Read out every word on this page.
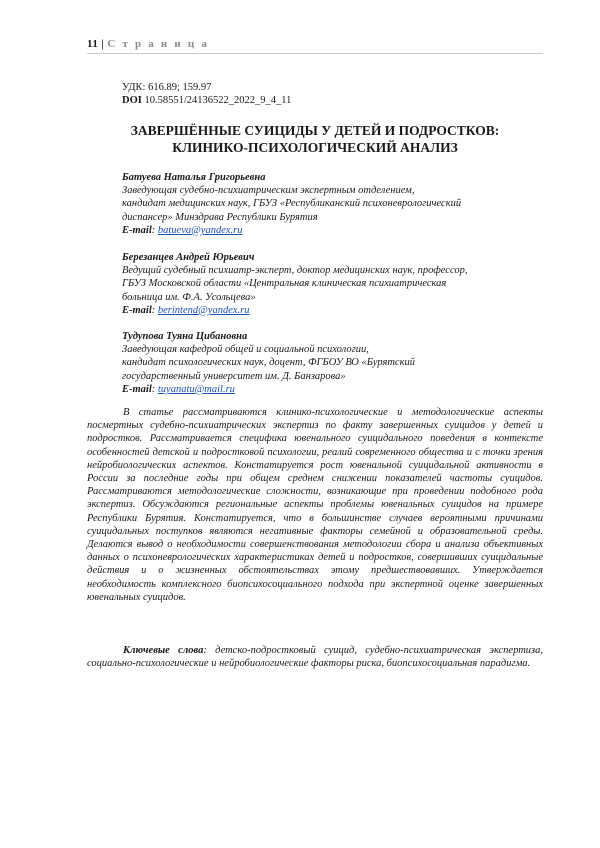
11 | С т р а н и ц а
УДК: 616.89; 159.97
DOI 10.58551/24136522_2022_9_4_11
ЗАВЕРШЁННЫЕ СУИЦИДЫ У ДЕТЕЙ И ПОДРОСТКОВ:
КЛИНИКО-ПСИХОЛОГИЧЕСКИЙ АНАЛИЗ
Батуева Наталья Григорьевна
Заведующая судебно-психиатрическим экспертным отделением,
кандидат медицинских наук, ГБУЗ «Республиканский психоневрологический
диспансер» Минздрава Республики Бурятия
E-mail: batueva@yandex.ru
Березанцев Андрей Юрьевич
Ведущий судебный психиатр-эксперт, доктор медицинских наук, профессор,
ГБУЗ Московской области «Центральная клиническая психиатрическая
больница им. Ф.А. Усольцева»
E-mail: berintend@yandex.ru
Тудупова Туяна Цибановна
Заведующая кафедрой общей и социальной психологии,
кандидат психологических наук, доцент, ФГБОУ ВО «Бурятский
государственный университет им. Д. Банзарова»
E-mail: tuyanatu@mail.ru

В статье рассматриваются клинико-психологические и методологические аспекты посмертных судебно-психиатрических экспертиз по факту завершенных суицидов у детей и подростков. Рассматривается специфика ювенального суицидального поведения в контексте особенностей детской и подростковой психологии, реалий современного общества и с точки зрения нейробиологических аспектов. Констатируется рост ювенальной суицидальной активности в России за последние годы при общем среднем снижении показателей частоты суицидов. Рассматриваются методологические сложности, возникающие при проведении подобного рода экспертиз. Обсуждаются региональные аспекты проблемы ювенальных суицидов на примере Республики Бурятия. Констатируется, что в большинстве случаев вероятными причинами суицидальных поступков являются негативные факторы семейной и образовательной среды. Делаются вывод о необходимости совершенствования методологии сбора и анализа объективных данных о психоневрологических характеристиках детей и подростков, совершивших суицидальные действия и о жизненных обстоятельствах этому предшествовавших. Утверждается необходимость комплексного биопсихосоциального подхода при экспертной оценке завершенных ювенальных суицидов.

Ключевые слова: детско-подростковый суицид, судебно-психиатрическая экспертиза, социально-психологические и нейробиологические факторы риска, биопсихосоциальная парадигма.
